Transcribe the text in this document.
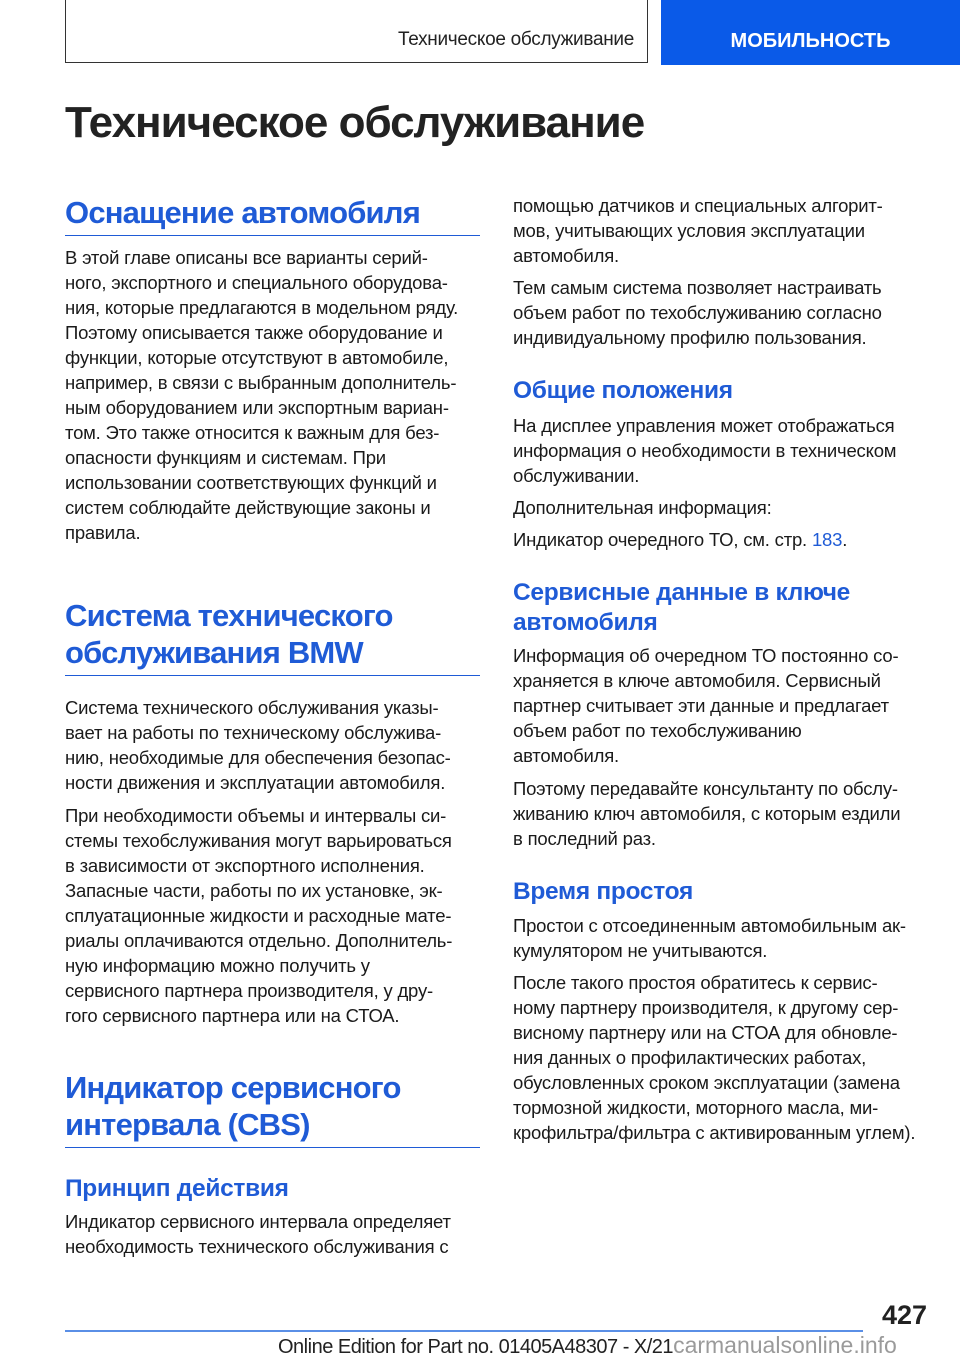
Техническое обслуживание	МОБИЛЬНОСТЬ
Техническое обслуживание
Оснащение автомобиля
В этой главе описаны все варианты серий-
ного, экспортного и специального оборудова-
ния, которые предлагаются в модельном ряду.
Поэтому описывается также оборудование и
функции, которые отсутствуют в автомобиле,
например, в связи с выбранным дополнитель-
ным оборудованием или экспортным вариан-
том. Это также относится к важным для без-
опасности функциям и системам. При
использовании соответствующих функций и
систем соблюдайте действующие законы и
правила.
Система технического
обслуживания BMW
Система технического обслуживания указы-
вает на работы по техническому обслужива-
нию, необходимые для обеспечения безопас-
ности движения и эксплуатации автомобиля.
При необходимости объемы и интервалы си-
стемы техобслуживания могут варьироваться
в зависимости от экспортного исполнения.
Запасные части, работы по их установке, эк-
сплуатационные жидкости и расходные мате-
риалы оплачиваются отдельно. Дополнитель-
ную информацию можно получить у
сервисного партнера производителя, у дру-
гого сервисного партнера или на СТОА.
Индикатор сервисного
интервала (CBS)
Принцип действия
Индикатор сервисного интервала определяет
необходимость технического обслуживания с
помощью датчиков и специальных алгорит-
мов, учитывающих условия эксплуатации
автомобиля.
Тем самым система позволяет настраивать
объем работ по техобслуживанию согласно
индивидуальному профилю пользования.
Общие положения
На дисплее управления может отображаться
информация о необходимости в техническом
обслуживании.
Дополнительная информация:
Индикатор очередного ТО, см. стр. 183.
Сервисные данные в ключе
автомобиля
Информация об очередном ТО постоянно со-
храняется в ключе автомобиля. Сервисный
партнер считывает эти данные и предлагает
объем работ по техобслуживанию
автомобиля.
Поэтому передавайте консультанту по обслу-
живанию ключ автомобиля, с которым ездили
в последний раз.
Время простоя
Простои с отсоединенным автомобильным ак-
кумулятором не учитываются.
После такого простоя обратитесь к сервис-
ному партнеру производителя, к другому сер-
висному партнеру или на СТОА для обновле-
ния данных о профилактических работах,
обусловленных сроком эксплуатации (замена
тормозной жидкости, моторного масла, ми-
крофильтра/фильтра с активированным углем).
427
Online Edition for Part no. 01405A48307 - X/21carmanualsonline.info
